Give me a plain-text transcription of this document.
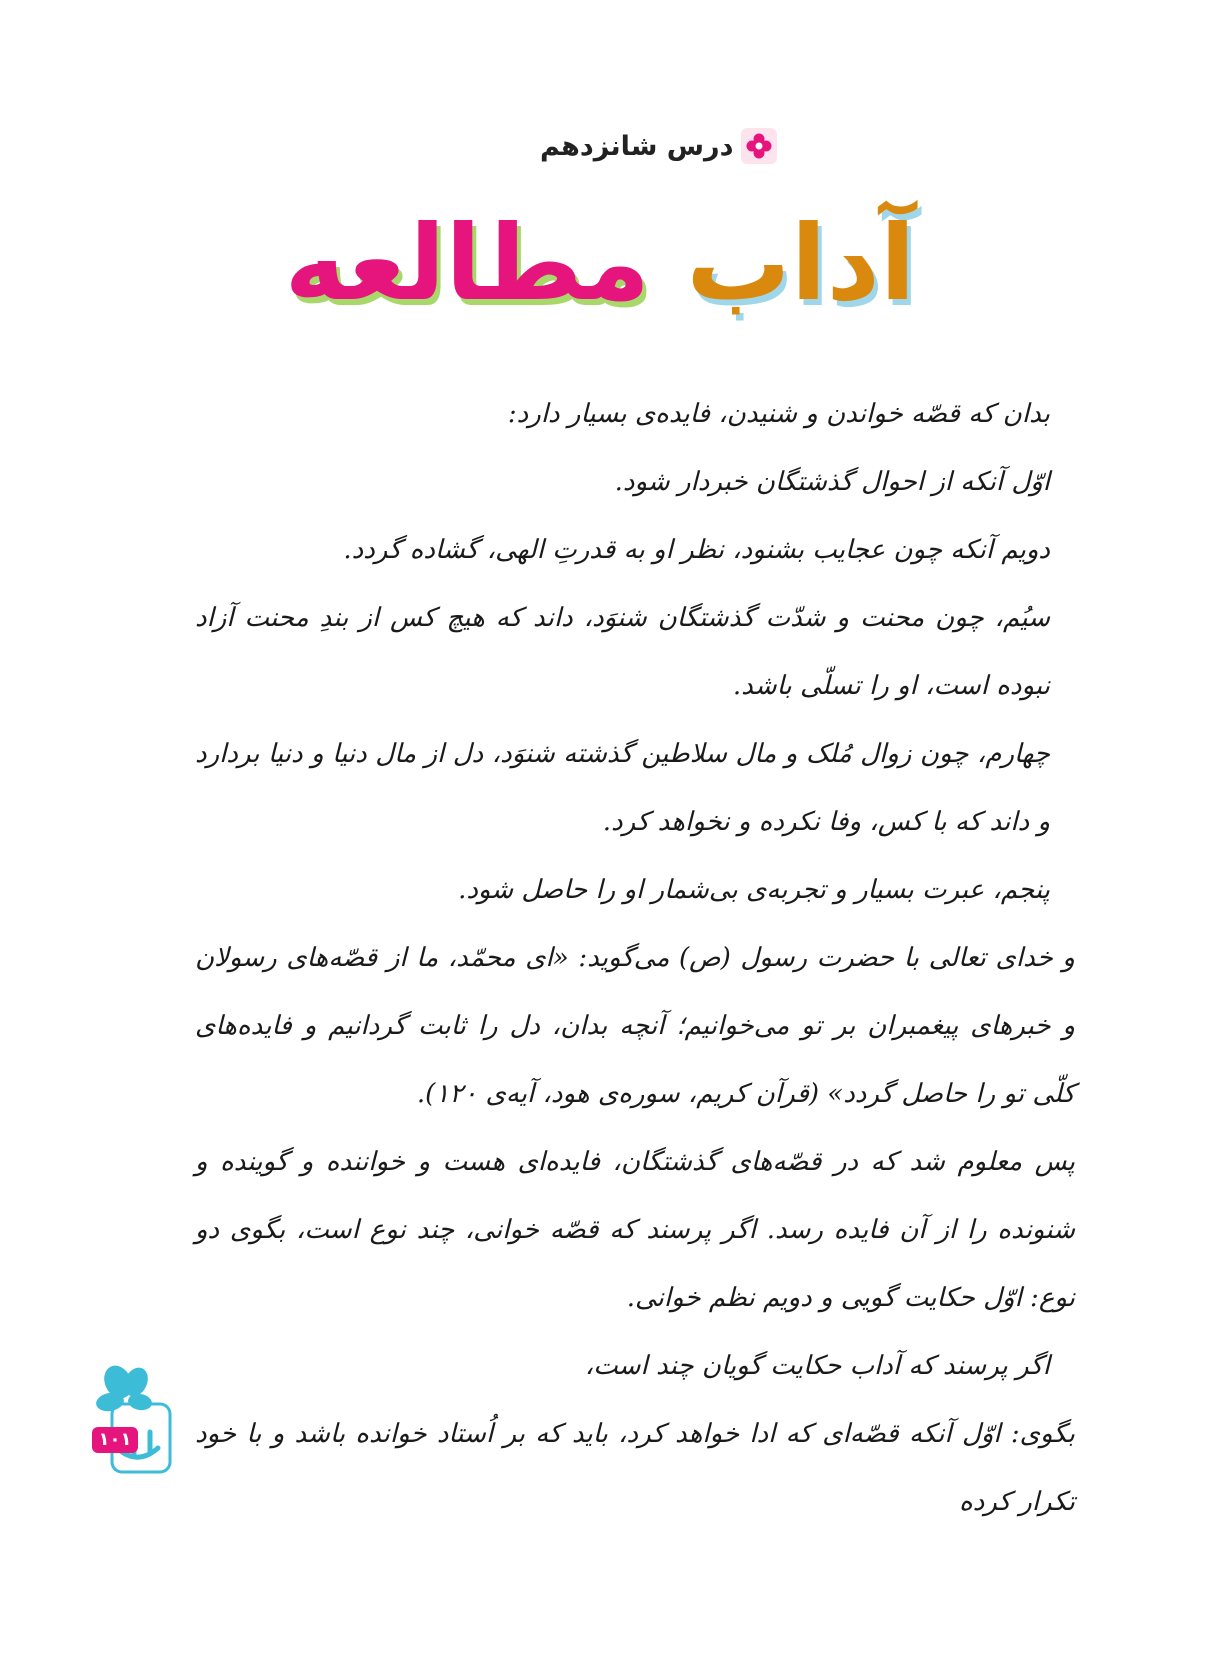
درس شانزدهم
آداب مطالعه

بدان که قصّه خواندن و شنیدن، فایده‌ی بسیار دارد:

اوّل آنکه از احوال گذشتگان خبردار شود.

دویم آنکه چون عجایب بشنود، نظر او به قدرتِ الهی، گشاده گردد.

سیُم، چون محنت و شدّت گذشتگان شنوَد، داند که هیچ کس از بندِ محنت آزاد نبوده است، او را تسلّی باشد.

چهارم، چون زوال مُلک و مال سلاطین گذشته شنوَد، دل از مال دنیا و دنیا بردارد و داند که با کس، وفا نکرده و نخواهد کرد.

پنجم، عبرت بسیار و تجربه‌ی بی‌شمار او را حاصل شود.

و خدای تعالی با حضرت رسول (ص) می‌گوید: «ای محمّد، ما از قصّه‌های رسولان و خبرهای پیغمبران بر تو می‌خوانیم؛ آنچه بدان، دل را ثابت گردانیم و فایده‌های کلّی تو را حاصل گردد» (قرآن کریم، سوره‌ی هود، آیه‌ی ۱۲۰).

پس معلوم شد که در قصّه‌های گذشتگان، فایده‌ای هست و خواننده و گوینده و شنونده را از آن فایده رسد. اگر پرسند که قصّه خوانی، چند نوع است، بگوی دو نوع: اوّل حکایت گویی و دویم نظم خوانی.

اگر پرسند که آداب حکایت گویان چند است،

بگوی: اوّل آنکه قصّه‌ای که ادا خواهد کرد، باید که بر اُستاد خوانده باشد و با خود تکرار کرده

۱۰۱
